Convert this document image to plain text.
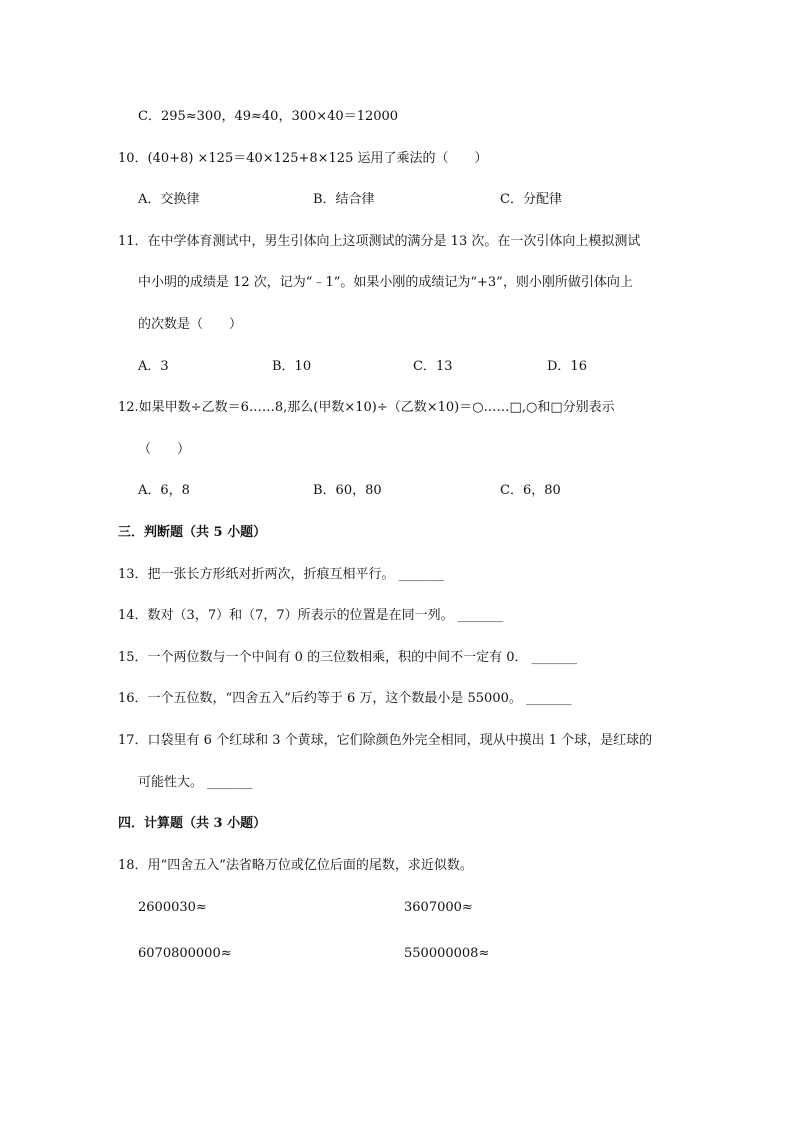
C．295≈300，49≈40，300×40＝12000
10．(40+8) ×125＝40×125+8×125 运用了乘法的（　　）
A．交换律	B．结合律	C．分配律
11．在中学体育测试中，男生引体向上这项测试的满分是 13 次。在一次引体向上模拟测试
中小明的成绩是 12 次，记为“﹣1”。如果小刚的成绩记为“+3”，则小刚所做引体向上
的次数是（　　）
A．3	B．10	C．13	D．16
12.如果甲数÷乙数＝6……8,那么(甲数×10)÷（乙数×10)＝○……□,○和□分别表示
（　　）
A．6，8	B．60，80	C．6，80
三．判断题（共 5 小题）
13．把一张长方形纸对折两次，折痕互相平行。 _______
14．数对（3，7）和（7，7）所表示的位置是在同一列。 _______
15．一个两位数与一个中间有 0 的三位数相乘，积的中间不一定有 0． _______
16．一个五位数，“四舍五入”后约等于 6 万，这个数最小是 55000。 _______
17．口袋里有 6 个红球和 3 个黄球，它们除颜色外完全相同，现从中摸出 1 个球，是红球的
可能性大。 _______
四．计算题（共 3 小题）
18．用“四舍五入”法省略万位或亿位后面的尾数，求近似数。
2600030≈	3607000≈
6070800000≈	550000008≈
